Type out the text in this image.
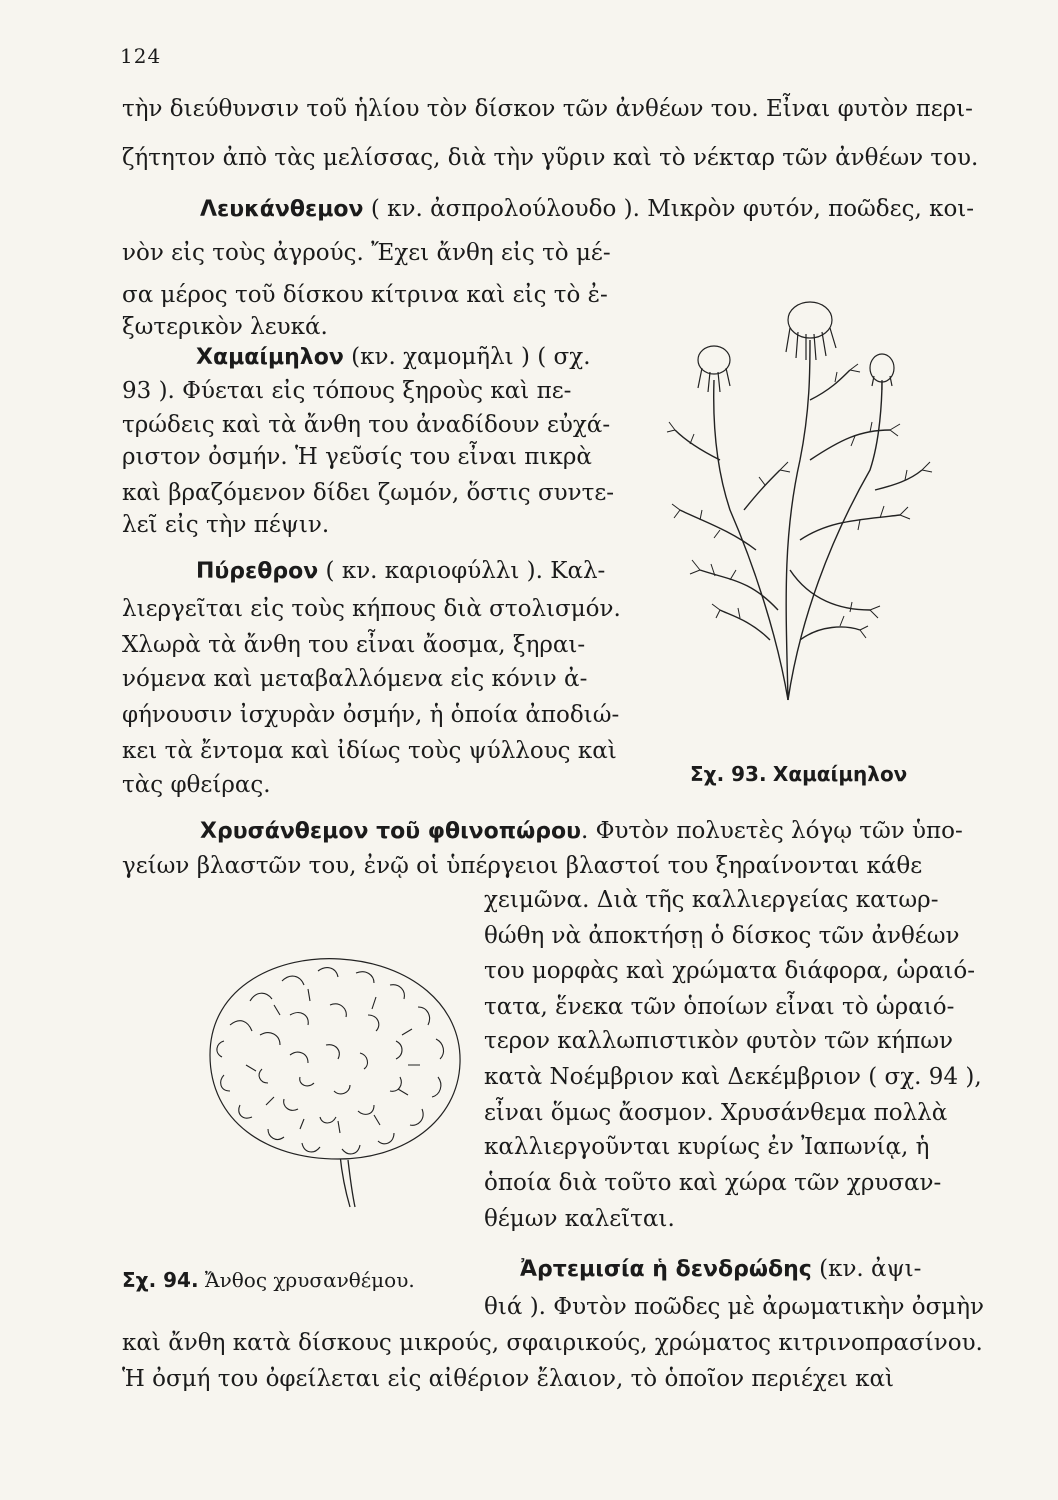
124
τὴν διεύθυνσιν τοῦ ἡλίου τὸν δίσκον τῶν ἀνθέων του. Εἶναι φυτὸν περι-
ζήτητον ἀπὸ τὰς μελίσσας, διὰ τὴν γῦριν καὶ τὸ νέκταρ τῶν ἀνθέων του.
Λευκάνθεμον ( κν. ἀσπρολούλουδο ). Μικρὸν φυτόν, ποῶδες, κοι-
νὸν εἰς τοὺς ἀγρούς. Ἔχει ἄνθη εἰς τὸ μέ-
σα μέρος τοῦ δίσκου κίτρινα καὶ εἰς τὸ ἐ-
ξωτερικὸν λευκά.
Χαμαίμηλον (κν. χαμομῆλι ) ( σχ.
93 ). Φύεται εἰς τόπους ξηροὺς καὶ πε-
τρώδεις καὶ τὰ ἄνθη του ἀναδίδουν εὐχά-
ριστον ὀσμήν. Ἡ γεῦσίς του εἶναι πικρὰ
καὶ βραζόμενον δίδει ζωμόν, ὅστις συντε-
λεῖ εἰς τὴν πέψιν.
Πύρεθρον ( κν. καριοφύλλι ). Καλ-
λιεργεῖται εἰς τοὺς κήπους διὰ στολισμόν.
Χλωρὰ τὰ ἄνθη του εἶναι ἄοσμα, ξηραι-
νόμενα καὶ μεταβαλλόμενα εἰς κόνιν ἀ-
φήνουσιν ἰσχυρὰν ὀσμήν, ἡ ὁποία ἀποδιώ-
κει τὰ ἔντομα καὶ ἰδίως τοὺς ψύλλους καὶ
τὰς φθείρας.	Σχ. 93. Χαμαίμηλον
Χρυσάνθεμον τοῦ φθινοπώρου. Φυτὸν πολυετὲς λόγῳ τῶν ὑπο-
γείων βλαστῶν του, ἐνῷ οἱ ὑπέργειοι βλαστοί του ξηραίνονται κάθε
χειμῶνα. Διὰ τῆς καλλιεργείας κατωρ-
θώθη νὰ ἀποκτήσῃ ὁ δίσκος τῶν ἀνθέων
του μορφὰς καὶ χρώματα διάφορα, ὡραιό-
τατα, ἕνεκα τῶν ὁποίων εἶναι τὸ ὡραιό-
τερον καλλωπιστικὸν φυτὸν τῶν κήπων
κατὰ Νοέμβριον καὶ Δεκέμβριον ( σχ. 94 ),
εἶναι ὅμως ἄοσμον. Χρυσάνθεμα πολλὰ
καλλιεργοῦνται κυρίως ἐν Ἰαπωνίᾳ, ἡ
ὁποία διὰ τοῦτο καὶ χώρα τῶν χρυσαν-
θέμων καλεῖται.
Σχ. 94. Ἄνθος χρυσανθέμου.	Ἀρτεμισία ἡ δενδρώδης (κν. ἀψι-
θιά ). Φυτὸν ποῶδες μὲ ἀρωματικὴν ὀσμὴν
καὶ ἄνθη κατὰ δίσκους μικρούς, σφαιρικούς, χρώματος κιτρινοπρασίνου.
Ἡ ὀσμή του ὀφείλεται εἰς αἰθέριον ἔλαιον, τὸ ὁποῖον περιέχει καὶ
